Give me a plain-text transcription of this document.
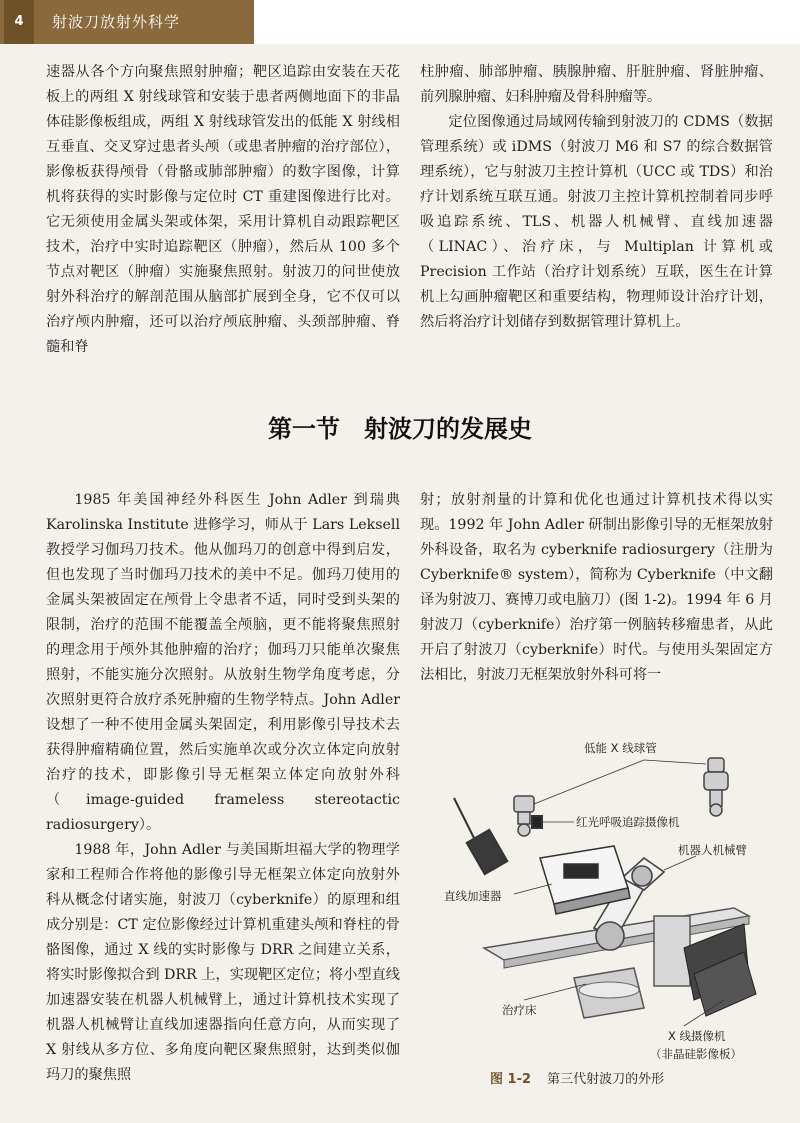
4	射波刀放射外科学

速器从各个方向聚焦照射肿瘤；靶区追踪由安装在天花板上的两组 X 射线球管和安装于患者两侧地面下的非晶体硅影像板组成，两组 X 射线球管发出的低能 X 射线相互垂直、交叉穿过患者头颅（或患者肿瘤的治疗部位），影像板获得颅骨（骨骼或肺部肿瘤）的数字图像，计算机将获得的实时影像与定位时 CT 重建图像进行比对。它无须使用金属头架或体架，采用计算机自动跟踪靶区技术，治疗中实时追踪靶区（肿瘤），然后从 100 多个节点对靶区（肿瘤）实施聚焦照射。射波刀的问世使放射外科治疗的解剖范围从脑部扩展到全身，它不仅可以治疗颅内肿瘤，还可以治疗颅底肿瘤、头颈部肿瘤、脊髓和脊

柱肿瘤、肺部肿瘤、胰腺肿瘤、肝脏肿瘤、肾脏肿瘤、前列腺肿瘤、妇科肿瘤及骨科肿瘤等。

定位图像通过局域网传输到射波刀的 CDMS（数据管理系统）或 iDMS（射波刀 M6 和 S7 的综合数据管理系统），它与射波刀主控计算机（UCC 或 TDS）和治疗计划系统互联互通。射波刀主控计算机控制着同步呼吸追踪系统、TLS、机器人机械臂、直线加速器（LINAC）、治疗床，与 Multiplan 计算机或 Precision 工作站（治疗计划系统）互联，医生在计算机上勾画肿瘤靶区和重要结构，物理师设计治疗计划，然后将治疗计划储存到数据管理计算机上。

第一节　射波刀的发展史

1985 年美国神经外科医生 John Adler 到瑞典 Karolinska Institute 进修学习，师从于 Lars Leksell 教授学习伽玛刀技术。他从伽玛刀的创意中得到启发，但也发现了当时伽玛刀技术的美中不足。伽玛刀使用的金属头架被固定在颅骨上令患者不适，同时受到头架的限制，治疗的范围不能覆盖全颅脑，更不能将聚焦照射的理念用于颅外其他肿瘤的治疗；伽玛刀只能单次聚焦照射，不能实施分次照射。从放射生物学角度考虑，分次照射更符合放疗杀死肿瘤的生物学特点。John Adler 设想了一种不使用金属头架固定，利用影像引导技术去获得肿瘤精确位置，然后实施单次或分次立体定向放射治疗的技术，即影像引导无框架立体定向放射外科（image-guided frameless stereotactic radiosurgery）。

1988 年，John Adler 与美国斯坦福大学的物理学家和工程师合作将他的影像引导无框架立体定向放射外科从概念付诸实施，射波刀（cyberknife）的原理和组成分别是：CT 定位影像经过计算机重建头颅和脊柱的骨骼图像，通过 X 线的实时影像与 DRR 之间建立关系，将实时影像拟合到 DRR 上，实现靶区定位；将小型直线加速器安装在机器人机械臂上，通过计算机技术实现了机器人机械臂让直线加速器指向任意方向，从而实现了 X 射线从多方位、多角度向靶区聚焦照射，达到类似伽玛刀的聚焦照

射；放射剂量的计算和优化也通过计算机技术得以实现。1992 年 John Adler 研制出影像引导的无框架放射外科设备，取名为 cyberknife radiosurgery（注册为 Cyberknife® system），简称为 Cyberknife（中文翻译为射波刀、赛博刀或电脑刀）(图 1-2)。1994 年 6 月射波刀（cyberknife）治疗第一例脑转移瘤患者，从此开启了射波刀（cyberknife）时代。与使用头架固定方法相比，射波刀无框架放射外科可将一

低能 X 线球管
红光呼吸追踪摄像机
机器人机械臂
直线加速器
治疗床
X 线摄像机
（非晶硅影像板）
图 1-2 第三代射波刀的外形
